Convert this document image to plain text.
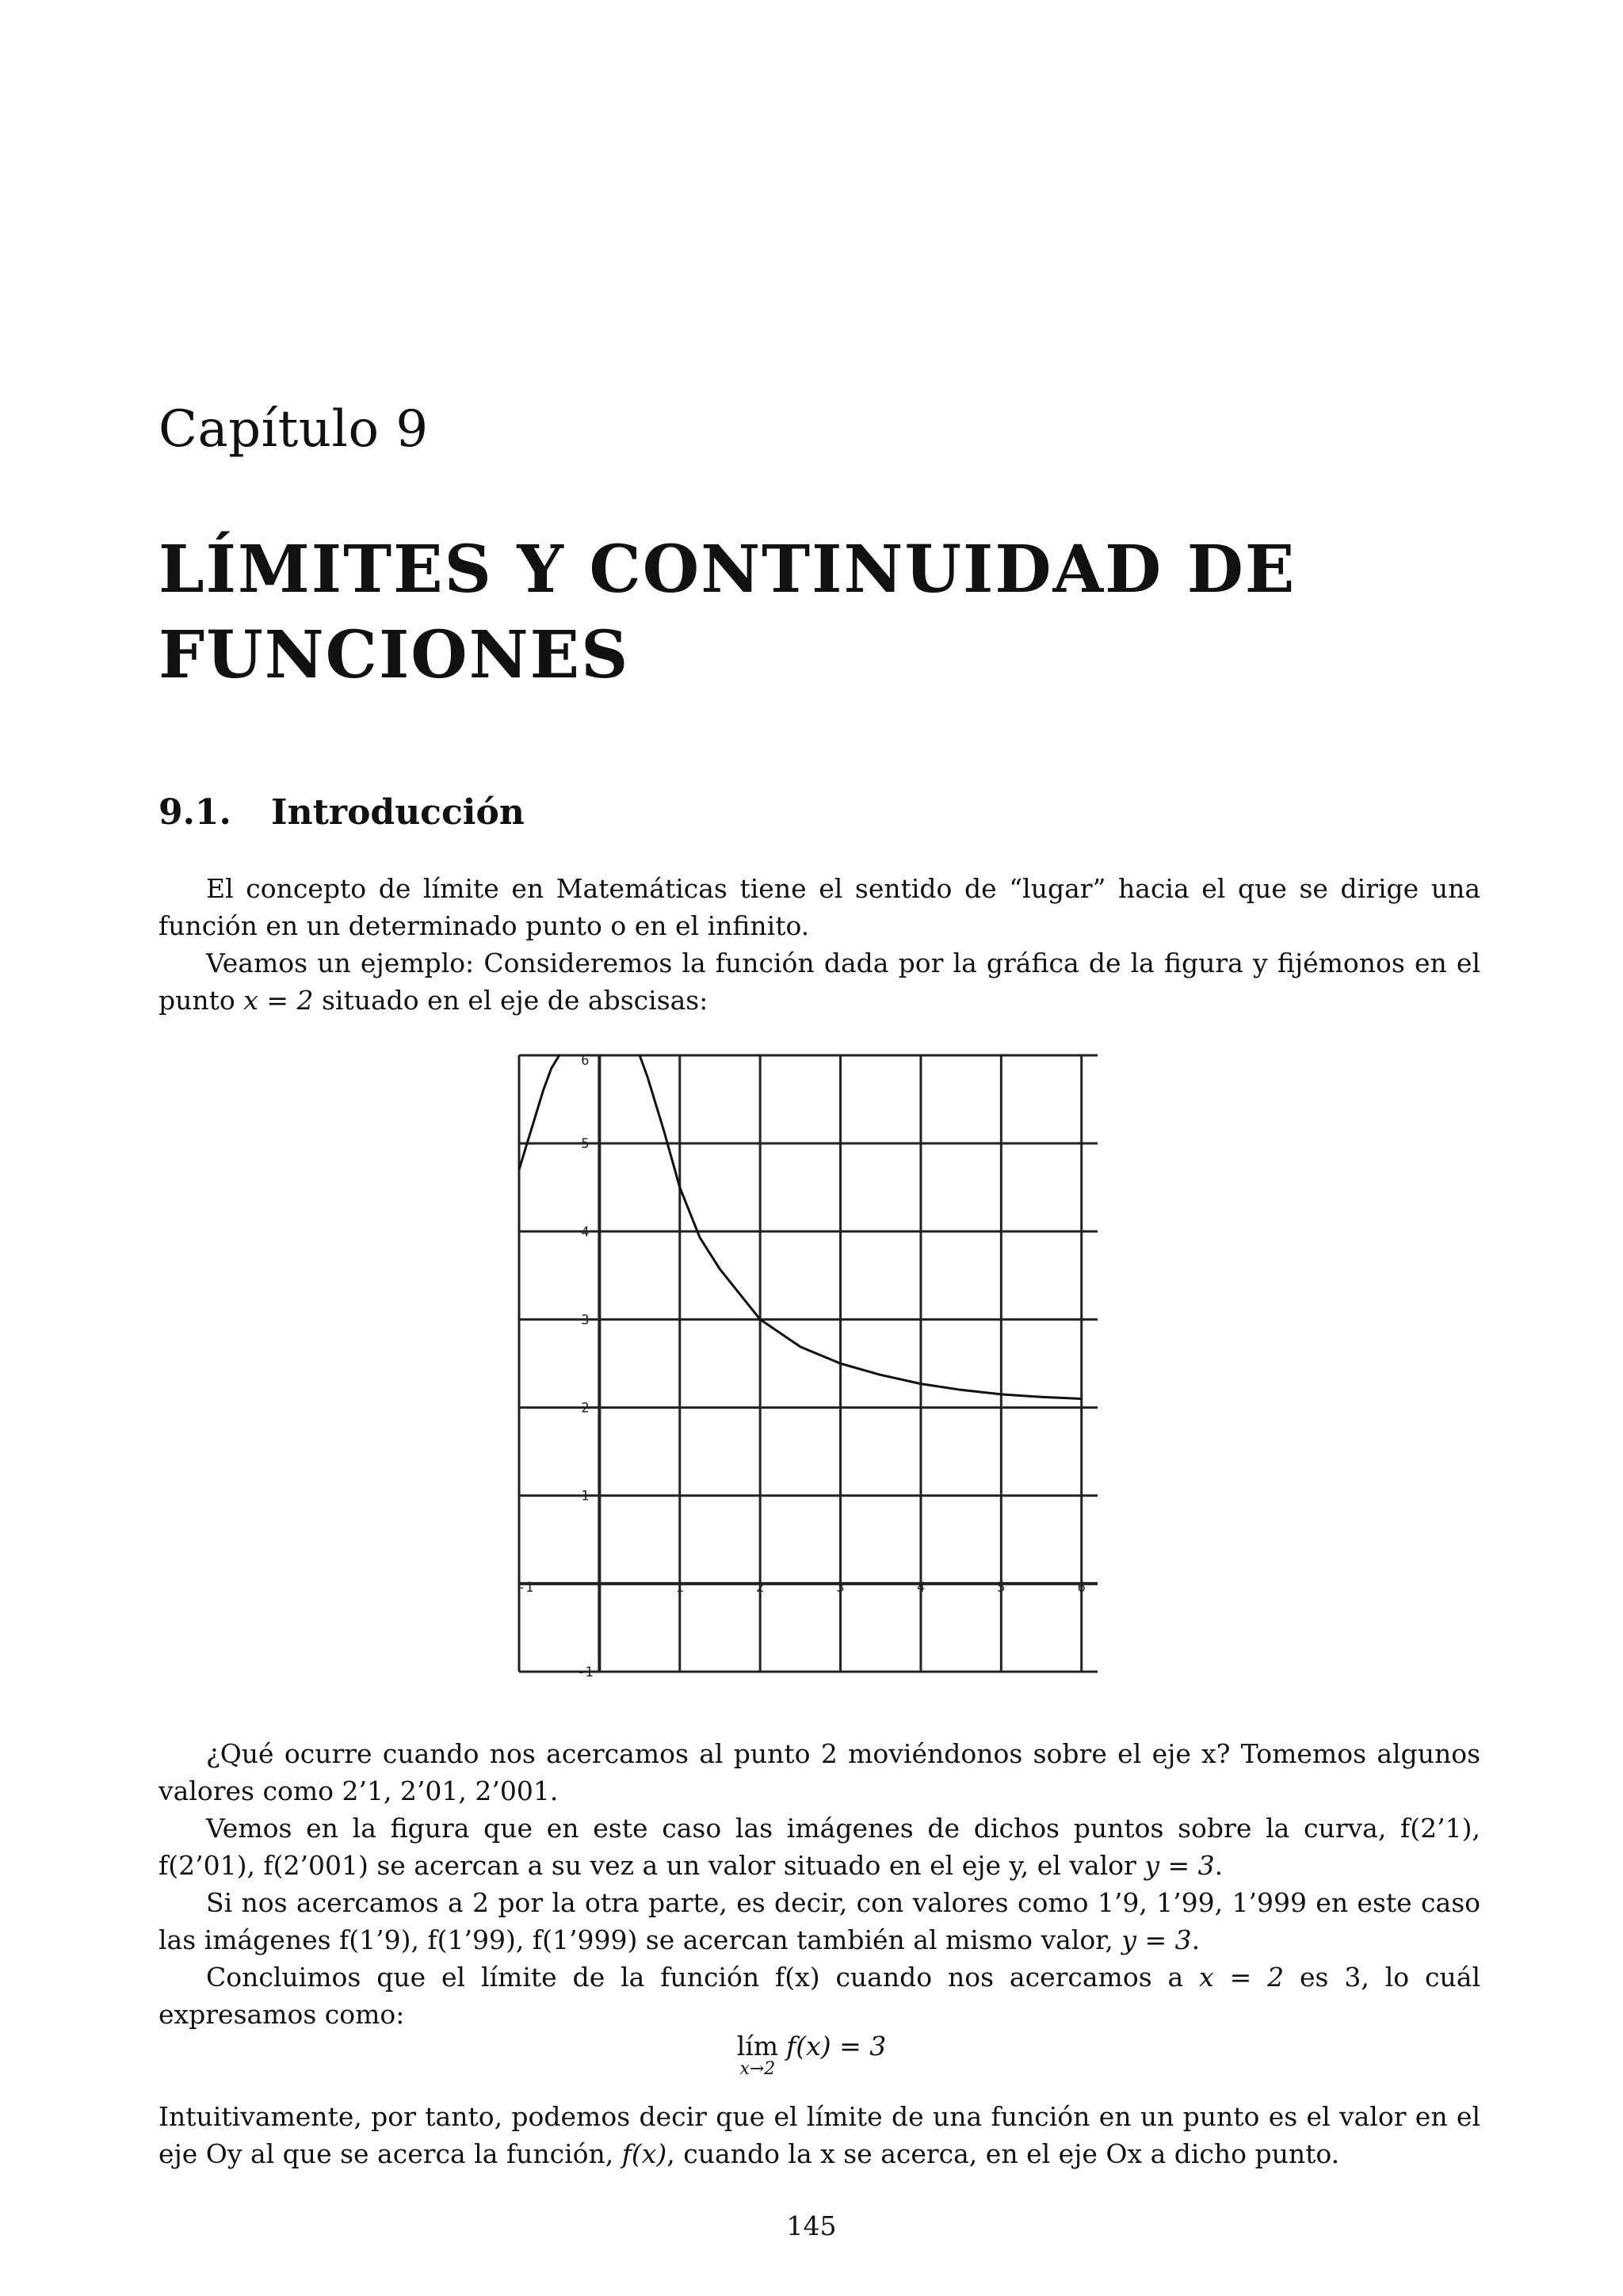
Capítulo 9
LÍMITES Y CONTINUIDAD DE FUNCIONES
9.1. Introducción

El concepto de límite en Matemáticas tiene el sentido de “lugar” hacia el que se dirige una función en un determinado punto o en el infinito.

Veamos un ejemplo: Consideremos la función dada por la gráfica de la figura y fijémonos en el punto x = 2 situado en el eje de abscisas:

-1	1	2	3	4	5	6
6
5
4
3
2
1
-1

¿Qué ocurre cuando nos acercamos al punto 2 moviéndonos sobre el eje x? Tomemos algunos valores como 2’1, 2’01, 2’001.

Vemos en la figura que en este caso las imágenes de dichos puntos sobre la curva, f(2’1), f(2’01), f(2’001) se acercan a su vez a un valor situado en el eje y, el valor y = 3.

Si nos acercamos a 2 por la otra parte, es decir, con valores como 1’9, 1’99, 1’999 en este caso las imágenes f(1’9), f(1’99), f(1’999) se acercan también al mismo valor, y = 3.

Concluimos que el límite de la función f(x) cuando nos acercamos a x = 2 es 3, lo cuál expresamos como:

lím
x→2
f(x) = 3

Intuitivamente, por tanto, podemos decir que el límite de una función en un punto es el valor en el eje Oy al que se acerca la función, f(x), cuando la x se acerca, en el eje Ox a dicho punto.

145
